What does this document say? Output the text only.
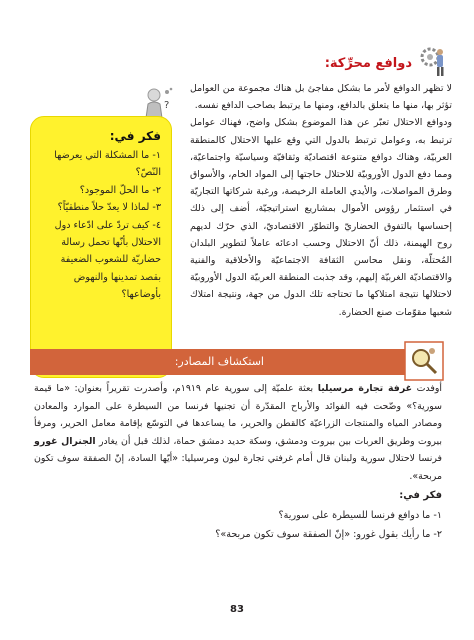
دوافع محرِّكة:

لا تظهر الدوافع لأمر ما بشكل مفاجئ بل هناك مجموعة من العوامل تؤثر بها، منها ما يتعلق بالدافع، ومنها ما يرتبط بصاحب الدافع نفسه.

ودوافع الاحتلال تعبّر عن هذا الموضوع بشكل واضح، فهناك عوامل ترتبط به، وعوامل ترتبط بالدول التي وقع عليها الاحتلال كالمنطقة العربيّة، وهناك دوافع متنوعة اقتصاديّة وثقافيّة وسياسيّة واجتماعيّة، ومما دفع الدول الأوروبيّة للاحتلال حاجتها إلى المواد الخام، والأسواق وطرق المواصلات، والأيدي العاملة الرخيصة، ورغبة شركاتها التجاريّة في استثمار رؤوس الأموال بمشاريع استراتيجيّة، أضف إلى ذلك إحساسها بالتفوق الحضاريّ والتطوّر الاقتصاديّ، الذي حرّك لديهم روح الهيمنة، ذلك أنّ الاحتلال وحسب ادعائه عاملاً لتطوير البلدان المُحتلّة، ونقل محاسن الثقافة الاجتماعيّة والأخلاقية والفنية والاقتصاديّة الغربيّة إليهم، وقد جذبت المنطقة العربيّة الدول الأوروبيّة لاحتلالها نتيجة امتلاكها ما تحتاجه تلك الدول من جهة، ونتيجة امتلاك شعبها مقوّمات صنع الحضارة.

?
فكر في:
١- ما المشكلة التي يعرضها النّصّ؟
٢- ما الحلّ الموجود؟
٣- لماذا لا يعدّ حلاً منطقيّاً؟
٤- كيف تردّ على ادّعاء دول الاحتلال بأنّها تحمل رسالة حضاريّة للشعوب الضعيفة بقصد تمدينها والنهوض بأوضاعها؟
استكشاف المصادر:

أوفدت غرفة تجارة مرسيليا بعثة علميّة إلى سورية عام ١٩١٩م، وأصدرت تقريراً بعنوان: «ما قيمة سورية؟» وضّحت فيه الفوائد والأرباح المقدّرة أن تجنيها فرنسا من السيطرة على الموارد والمعادن ومصادر المياه والمنتجات الزراعيّة كالقطن والحرير، ما يساعدها في التوسّع بإقامة معامل الحرير، ومرفأ بيروت وطريق العربات بين بيروت ودمشق، وسكة حديد دمشق حماة، لذلك قبل أن يغادر الجنرال غورو فرنسا لاحتلال سورية ولبنان قال أمام غرفتي تجارة ليون ومرسيليا: «أيّها السادة، إنّ الصفقة سوف تكون مربحة».

فكر في:
١- ما دوافع فرنسا للسيطرة على سورية؟
٢- ما رأيك بقول غورو: «إنّ الصفقة سوف تكون مربحة»؟
83
